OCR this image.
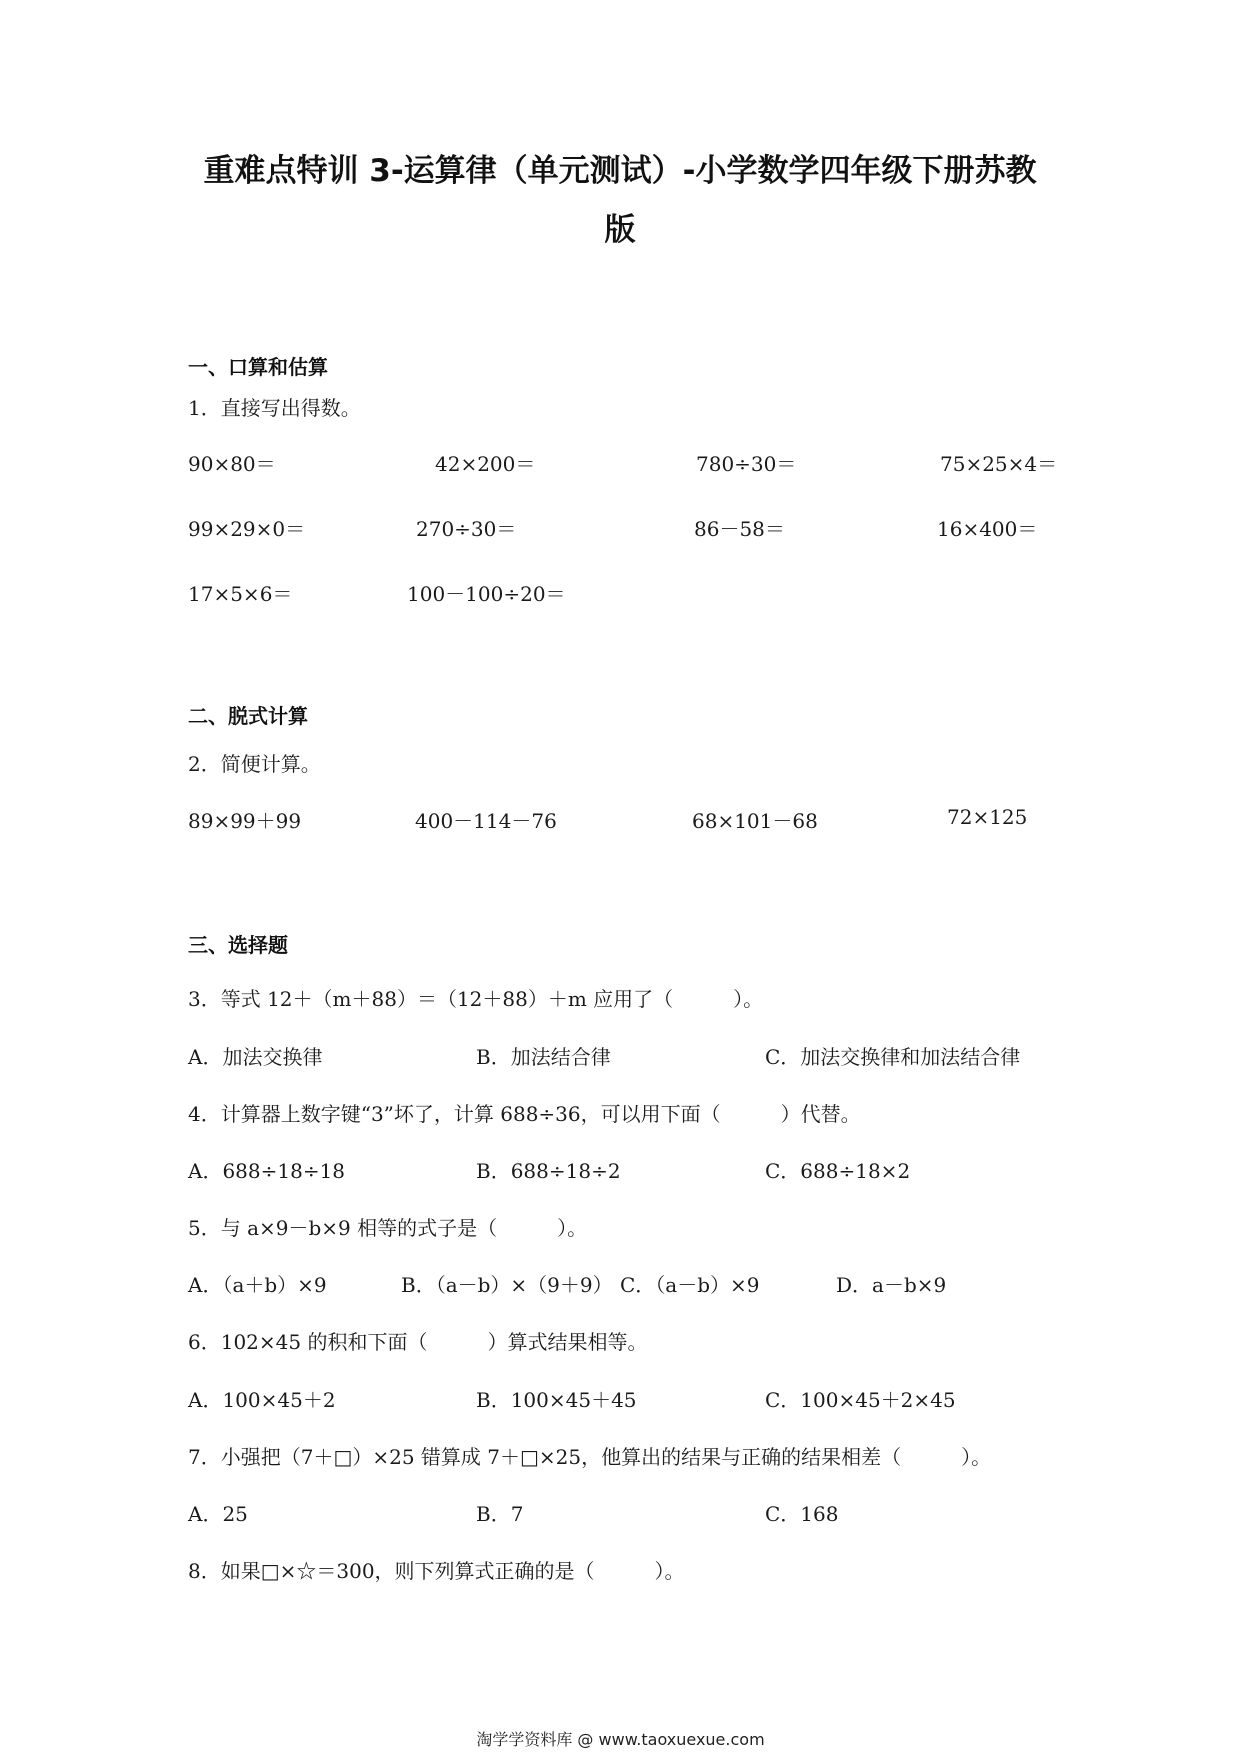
重难点特训 3-运算律（单元测试）-小学数学四年级下册苏教
版
一、口算和估算
1．直接写出得数。
90×80＝	42×200＝	780÷30＝	75×25×4＝
99×29×0＝	270÷30＝	86－58＝	16×400＝
17×5×6＝	100－100÷20＝
二、脱式计算
2．简便计算。
89×99＋99	400－114－76	68×101－68	72×125
三、选择题
3．等式 12＋（m＋88）＝（12＋88）＋m 应用了（　　　）。
A．加法交换律	B．加法结合律	C．加法交换律和加法结合律
4．计算器上数字键“3”坏了，计算 688÷36，可以用下面（　　　）代替。
A．688÷18÷18	B．688÷18÷2	C．688÷18×2
5．与 a×9－b×9 相等的式子是（　　　）。
A．（a＋b）×9	B．（a－b）×（9＋9） C．（a－b）×9	D．a－b×9
6．102×45 的积和下面（　　　）算式结果相等。
A．100×45＋2	B．100×45＋45	C．100×45＋2×45
7．小强把（7＋□）×25 错算成 7＋□×25，他算出的结果与正确的结果相差（　　　）。
A．25	B．7	C．168
8．如果□×☆＝300，则下列算式正确的是（　　　）。
淘学学资料库 @ www.taoxuexue.com
